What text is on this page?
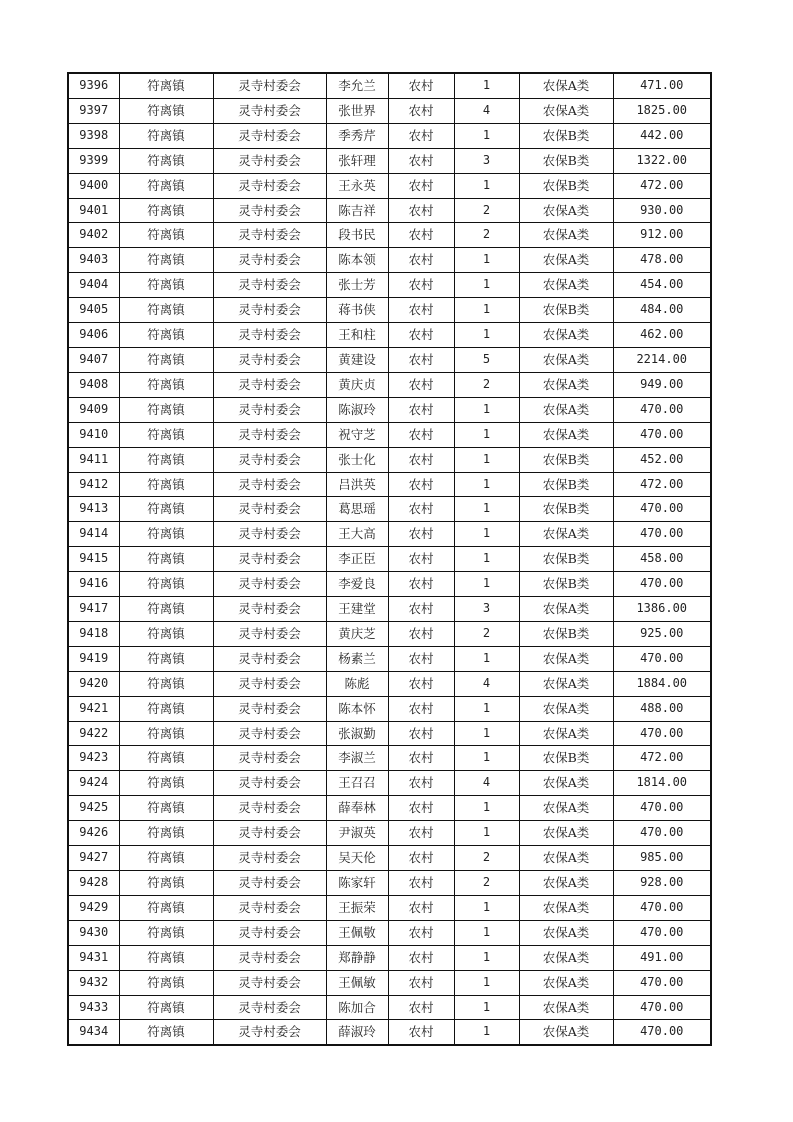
9396	符离镇	灵寺村委会	李允兰	农村	1	农保A类	471.00
9397	符离镇	灵寺村委会	张世界	农村	4	农保A类	1825.00
9398	符离镇	灵寺村委会	季秀芹	农村	1	农保B类	442.00
9399	符离镇	灵寺村委会	张轩理	农村	3	农保B类	1322.00
9400	符离镇	灵寺村委会	王永英	农村	1	农保B类	472.00
9401	符离镇	灵寺村委会	陈吉祥	农村	2	农保A类	930.00
9402	符离镇	灵寺村委会	段书民	农村	2	农保A类	912.00
9403	符离镇	灵寺村委会	陈本领	农村	1	农保A类	478.00
9404	符离镇	灵寺村委会	张士芳	农村	1	农保A类	454.00
9405	符离镇	灵寺村委会	蒋书侠	农村	1	农保B类	484.00
9406	符离镇	灵寺村委会	王和柱	农村	1	农保A类	462.00
9407	符离镇	灵寺村委会	黄建设	农村	5	农保A类	2214.00
9408	符离镇	灵寺村委会	黄庆贞	农村	2	农保A类	949.00
9409	符离镇	灵寺村委会	陈淑玲	农村	1	农保A类	470.00
9410	符离镇	灵寺村委会	祝守芝	农村	1	农保A类	470.00
9411	符离镇	灵寺村委会	张士化	农村	1	农保B类	452.00
9412	符离镇	灵寺村委会	吕洪英	农村	1	农保B类	472.00
9413	符离镇	灵寺村委会	葛思瑶	农村	1	农保B类	470.00
9414	符离镇	灵寺村委会	王大高	农村	1	农保A类	470.00
9415	符离镇	灵寺村委会	李正臣	农村	1	农保B类	458.00
9416	符离镇	灵寺村委会	李爱良	农村	1	农保B类	470.00
9417	符离镇	灵寺村委会	王建堂	农村	3	农保A类	1386.00
9418	符离镇	灵寺村委会	黄庆芝	农村	2	农保B类	925.00
9419	符离镇	灵寺村委会	杨素兰	农村	1	农保A类	470.00
9420	符离镇	灵寺村委会	陈彪	农村	4	农保A类	1884.00
9421	符离镇	灵寺村委会	陈本怀	农村	1	农保A类	488.00
9422	符离镇	灵寺村委会	张淑勤	农村	1	农保A类	470.00
9423	符离镇	灵寺村委会	李淑兰	农村	1	农保B类	472.00
9424	符离镇	灵寺村委会	王召召	农村	4	农保A类	1814.00
9425	符离镇	灵寺村委会	薛奉林	农村	1	农保A类	470.00
9426	符离镇	灵寺村委会	尹淑英	农村	1	农保A类	470.00
9427	符离镇	灵寺村委会	吴天伦	农村	2	农保A类	985.00
9428	符离镇	灵寺村委会	陈家轩	农村	2	农保A类	928.00
9429	符离镇	灵寺村委会	王振荣	农村	1	农保A类	470.00
9430	符离镇	灵寺村委会	王佩敬	农村	1	农保A类	470.00
9431	符离镇	灵寺村委会	郑静静	农村	1	农保A类	491.00
9432	符离镇	灵寺村委会	王佩敏	农村	1	农保A类	470.00
9433	符离镇	灵寺村委会	陈加合	农村	1	农保A类	470.00
9434	符离镇	灵寺村委会	薛淑玲	农村	1	农保A类	470.00
